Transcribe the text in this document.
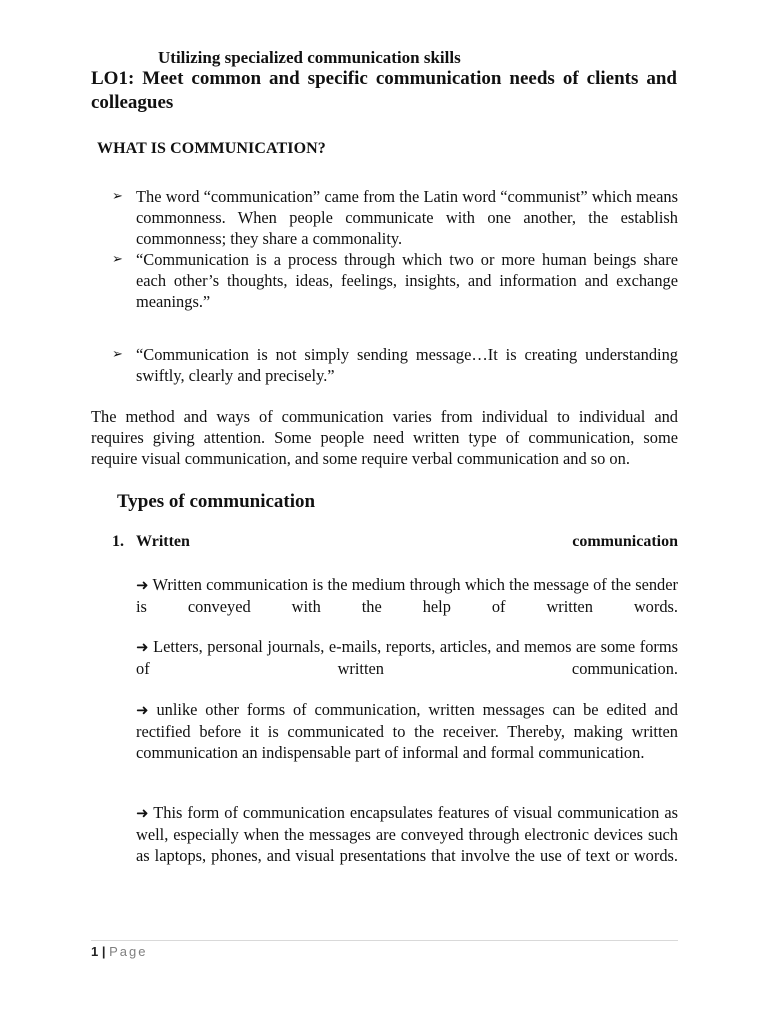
Utilizing specialized communication skills
LO1: Meet common and specific communication needs of clients and colleagues
WHAT IS COMMUNICATION?
➢ The word “communication” came from the Latin word “communist” which means commonness. When people communicate with one another, the establish commonness; they share a commonality.
➢ “Communication is a process through which two or more human beings share each other’s thoughts, ideas, feelings, insights, and information and exchange meanings.”
➢ “Communication is not simply sending message…It is creating understanding swiftly, clearly and precisely.”

The method and ways of communication varies from individual to individual and requires giving attention. Some people need written type of communication, some require visual communication, and some require verbal communication and so on.

Types of communication
1. Written	communication

➜ Written communication is the medium through which the message of the sender is conveyed with the help of written words.

➜ Letters, personal journals, e-mails, reports, articles, and memos are some forms of written communication.

➜ unlike other forms of communication, written messages can be edited and rectified before it is communicated to the receiver. Thereby, making written communication an indispensable part of informal and formal communication.

➜ This form of communication encapsulates features of visual communication as well, especially when the messages are conveyed through electronic devices such as laptops, phones, and visual presentations that involve the use of text or words.

1 | Page
